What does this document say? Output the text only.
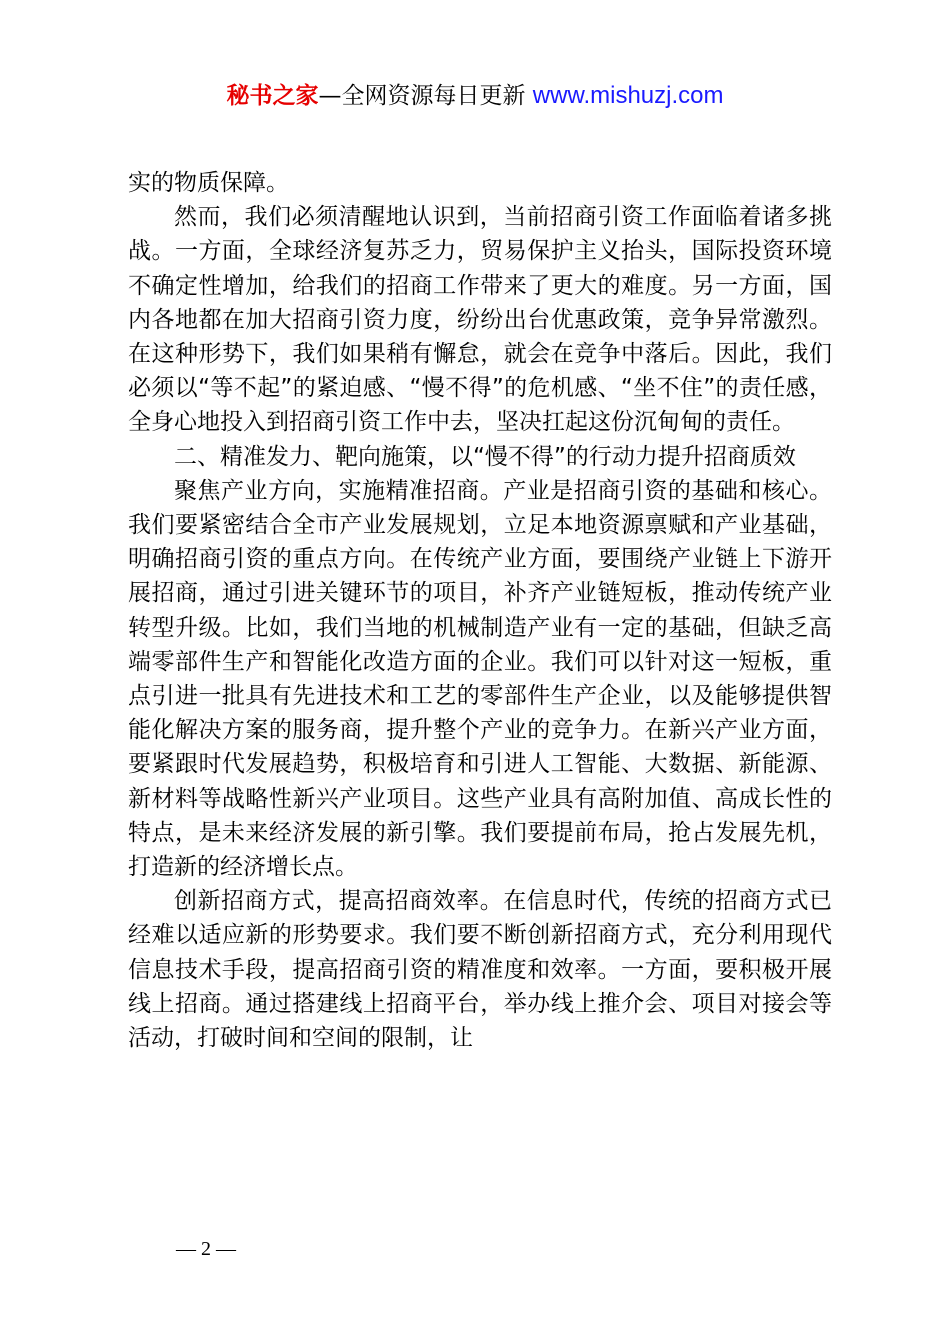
秘书之家—全网资源每日更新 www.mishuzj.com

实的物质保障。

然而，我们必须清醒地认识到，当前招商引资工作面临着诸多挑战。一方面，全球经济复苏乏力，贸易保护主义抬头，国际投资环境不确定性增加，给我们的招商工作带来了更大的难度。另一方面，国内各地都在加大招商引资力度，纷纷出台优惠政策，竞争异常激烈。在这种形势下，我们如果稍有懈怠，就会在竞争中落后。因此，我们必须以“等不起”的紧迫感、“慢不得”的危机感、“坐不住”的责任感，全身心地投入到招商引资工作中去，坚决扛起这份沉甸甸的责任。

二、精准发力、靶向施策，以“慢不得”的行动力提升招商质效

聚焦产业方向，实施精准招商。产业是招商引资的基础和核心。我们要紧密结合全市产业发展规划，立足本地资源禀赋和产业基础，明确招商引资的重点方向。在传统产业方面，要围绕产业链上下游开展招商，通过引进关键环节的项目，补齐产业链短板，推动传统产业转型升级。比如，我们当地的机械制造产业有一定的基础，但缺乏高端零部件生产和智能化改造方面的企业。我们可以针对这一短板，重点引进一批具有先进技术和工艺的零部件生产企业，以及能够提供智能化解决方案的服务商，提升整个产业的竞争力。在新兴产业方面，要紧跟时代发展趋势，积极培育和引进人工智能、大数据、新能源、新材料等战略性新兴产业项目。这些产业具有高附加值、高成长性的特点，是未来经济发展的新引擎。我们要提前布局，抢占发展先机，打造新的经济增长点。

创新招商方式，提高招商效率。在信息时代，传统的招商方式已经难以适应新的形势要求。我们要不断创新招商方式，充分利用现代信息技术手段，提高招商引资的精准度和效率。一方面，要积极开展线上招商。通过搭建线上招商平台，举办线上推介会、项目对接会等活动，打破时间和空间的限制，让

— 2 —
